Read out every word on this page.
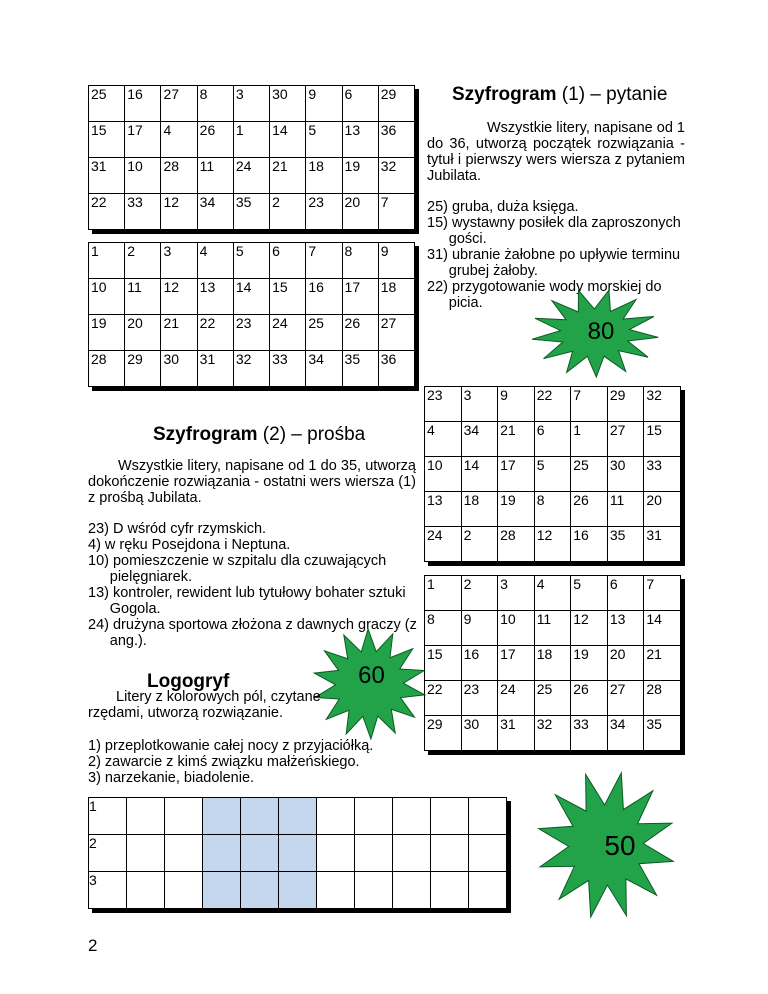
25	16	27	8	3	30	9	6	29
15	17	4	26	1	14	5	13	36
31	10	28	11	24	21	18	19	32
22	33	12	34	35	2	23	20	7
1	2	3	4	5	6	7	8	9
10	11	12	13	14	15	16	17	18
19	20	21	22	23	24	25	26	27
28	29	30	31	32	33	34	35	36
Szyfrogram (1) – pytanie
Wszystkie litery, napisane od 1 do 36, utworzą początek rozwiązania - tytuł i pierwszy wers wiersza z pytaniem Jubilata.
25) gruba, duża księga.
15) wystawny posiłek dla zaproszonych gości.
31) ubranie żałobne po upływie terminu grubej żałoby.
22) przygotowanie wody morskiej do picia.
80
23	3	9	22	7	29	32
4	34	21	6	1	27	15
10	14	17	5	25	30	33
13	18	19	8	26	11	20
24	2	28	12	16	35	31
1	2	3	4	5	6	7
8	9	10	11	12	13	14
15	16	17	18	19	20	21
22	23	24	25	26	27	28
29	30	31	32	33	34	35
Szyfrogram (2) – prośba
Wszystkie litery, napisane od 1 do 35, utworzą dokończenie rozwiązania - ostatni wers wiersza (1) z prośbą Jubilata.
23) D wśród cyfr rzymskich.
4) w ręku Posejdona i Neptuna.
10) pomieszczenie w szpitalu dla czuwających pielęgniarek.
13) kontroler, rewident lub tytułowy bohater sztuki Gogola.
24) drużyna sportowa złożona z dawnych graczy (z ang.).
60
Logogryf
Litery z kolorowych pól, czytane rzędami, utworzą rozwiązanie.
1) przeplotkowanie całej nocy z przyjaciółką.
2) zawarcie z kimś związku małżeńskiego.
3) narzekanie, biadolenie.
1										
2										
3										
50
2
